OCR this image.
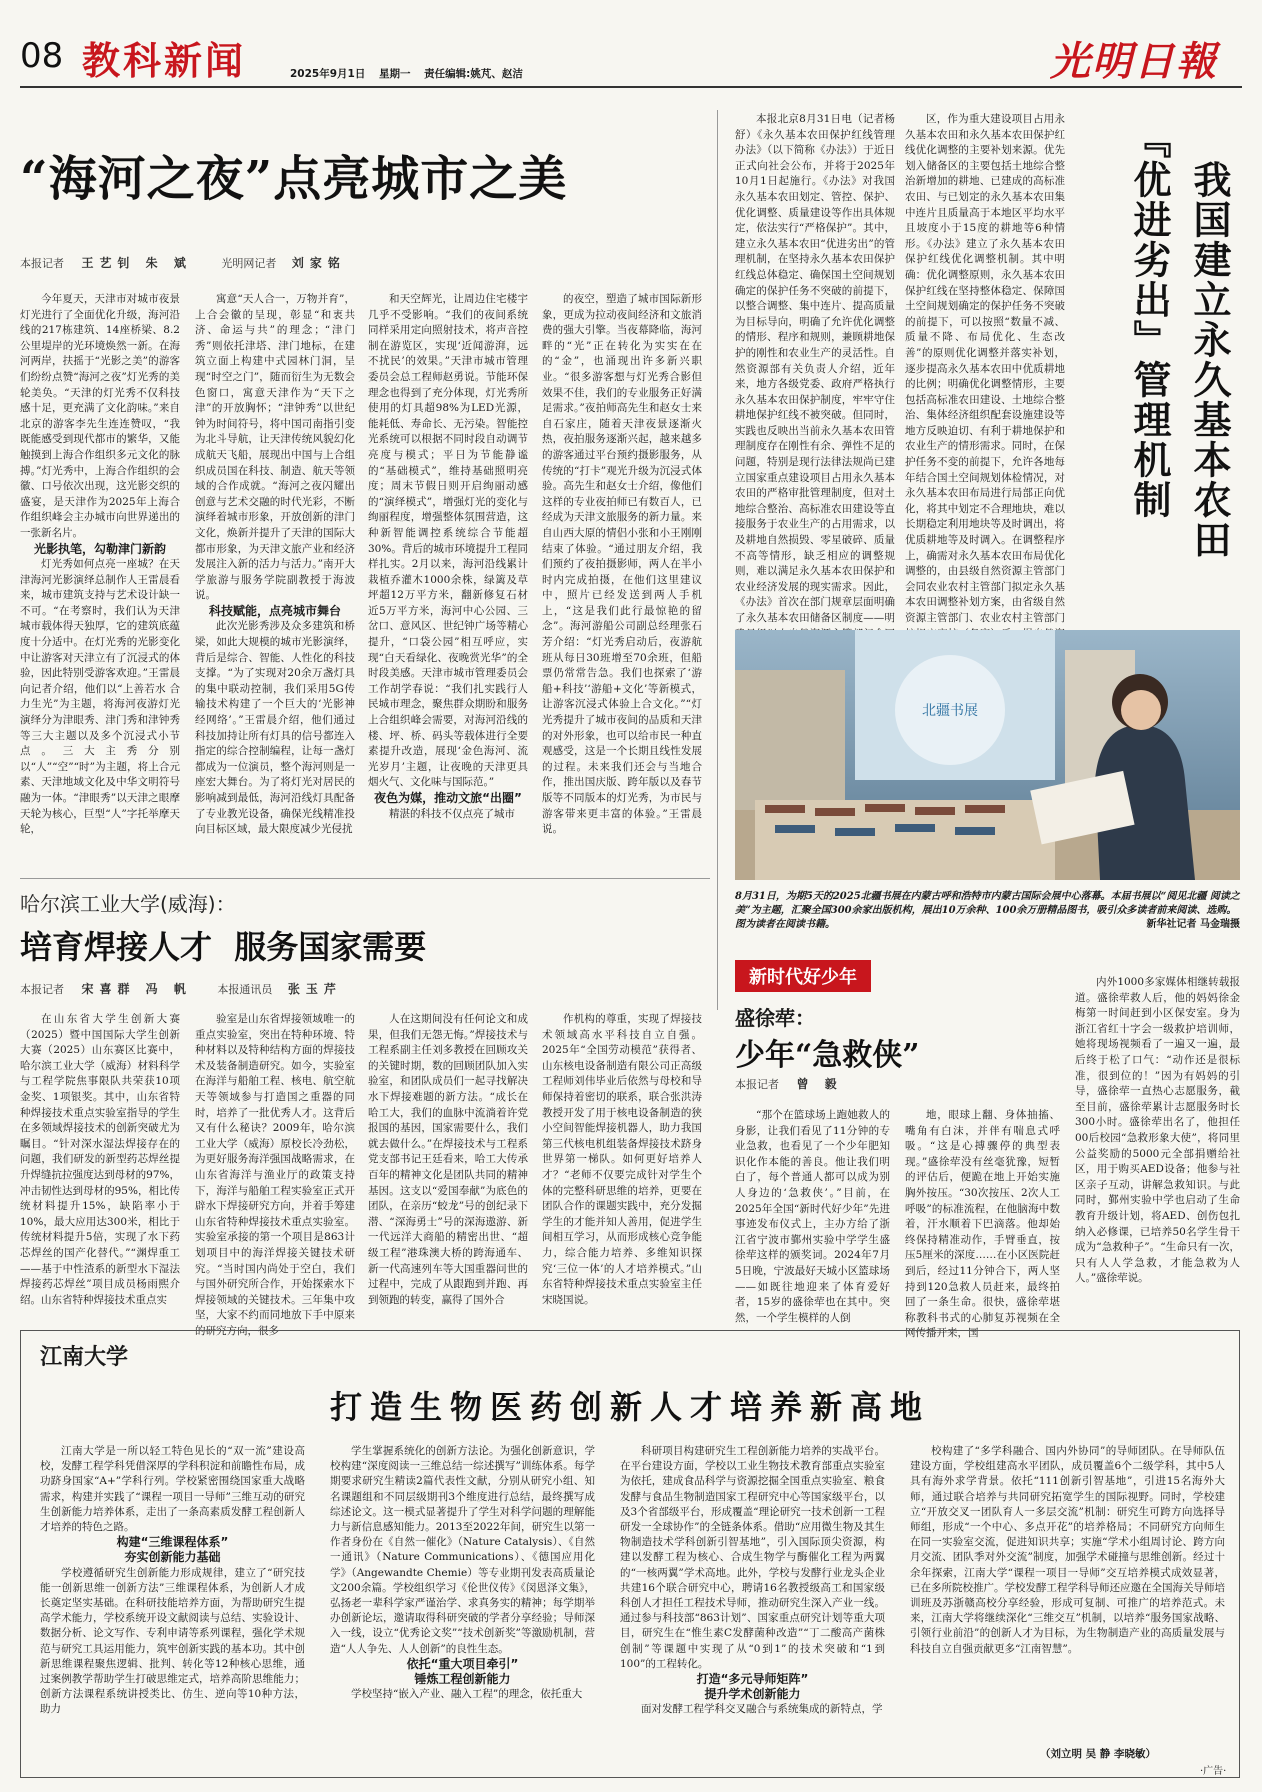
08 教科新闻	2025年9月1日 星期一 责任编辑:姚芃、赵洁	光明日報
“海河之夜”点亮城市之美
本报记者 王艺钊 朱 斌	光明网记者 刘家铭

今年夏天，天津市对城市夜景灯光进行了全面优化升级，海河沿线的217栋建筑、14座桥梁、8.2公里堤岸的光环境焕然一新。在海河两岸，扶摇于“光影之美”的游客们纷纷点赞“海河之夜”灯光秀的美轮美奂。“天津的灯光秀不仅科技感十足，更充满了文化韵味。”来自北京的游客李先生连连赞叹，“我既能感受到现代都市的繁华，又能触摸到上海合作组织多元文化的脉搏。”灯光秀中，上海合作组织的会徽、口号依次出现，这光影交织的盛宴，是天津作为2025年上海合作组织峰会主办城市向世界递出的一张新名片。

光影执笔，勾勒津门新韵

灯光秀如何点亮一座城？在天津海河光影演绎总制作人王雷晨看来，城市建筑支持与艺术设计缺一不可。“在考察时，我们认为天津城市载体得天独厚，它的建筑底蕴度十分适中。在灯光秀的光影变化中让游客对天津立有了沉浸式的体验，因此特别受游客欢迎。”王雷晨向记者介绍，他们以“上善若水 合力生光”为主题，将海河夜游灯光演绎分为津眼秀、津门秀和津钟秀等三大主题以及多个沉浸式小节点。三大主秀分别以“人”“空”“时”为主题，将上合元素、天津地域文化及中华文明符号融为一体。“津眼秀”以天津之眼摩天轮为核心，巨型“人”字托举摩天轮，

寓意“天人合一，万物并育”，上合会徽的呈现，彰显“和衷共济、命运与共”的理念；“津门秀”则依托津塔、津门地标，在建筑立面上构建中式园林门洞，呈现“时空之门”，随而衍生为无数会色窗口，寓意天津作为“天下之津”的开放胸怀；“津钟秀”以世纪钟为时间符号，将中国司南指引变为北斗导航，让天津传统风貌幻化成航天飞船，展现出中国与上合组织成员国在科技、制造、航天等领域的合作成就。“海河之夜闪耀出创意与艺术交融的时代光彩，不断演绎着城市形象，开放创新的津门文化，焕新并提升了天津的国际大都市形象，为天津文旅产业和经济发展注入新的活力与活力。”南开大学旅游与服务学院副教授于海波说。

科技赋能，点亮城市舞台

此次光影秀涉及众多建筑和桥梁，如此大规模的城市光影演绎，背后是综合、智能、人性化的科技支撑。“为了实现对20余万盏灯具的集中联动控制，我们采用5G传输技术构建了一个巨大的‘光影神经网络’。”王雷晨介绍，他们通过科技加持让所有灯具的信号都连入指定的综合控制编程，让每一盏灯都成为一位演员，整个海河则是一座宏大舞台。为了将灯光对居民的影响减到最低，海河沿线灯具配备了专业教光设备，确保光线精准投向目标区域，最大限度减少光侵扰

和天空辉光，让周边住宅楼宇几乎不受影响。“我们的夜间系统同样采用定向照射技术，将声音控制在游览区，实现‘近闻游湃，远不扰民’的效果。”天津市城市管理委员会总工程师赵勇说。节能环保理念也得到了充分体现，灯光秀所使用的灯具超98%为LED光源，能耗低、寿命长、无污染。智能控光系统可以根据不同时段自动调节亮度与模式；平日为节能静谧的“基础模式”，维持基础照明亮度；周末节假日则开启绚丽动感的“演绎模式”，增强灯光的变化与绚丽程度，增强整体氛围营造，这种新智能调控系统综合节能超30%。背后的城市环境提升工程同样扎实。2月以来，海河沿线累计栽植乔灌木1000余株，绿篱及草坪超12万平方米，翻新修复石材近5万平方米，海河中心公园、三岔口、意风区、世纪钟广场等精心提升，“口袋公园”相互呼应，实现“白天看绿化、夜晚赏光华”的全时段美感。天津市城市管理委员会工作胡学春说：“我们扎实践行人民城市理念，聚焦群众期盼和服务上合组织峰会需要，对海河沿线的楼、坪、桥、码头等载体进行全要素提升改造，展现‘金色海河、流光岁月’主题，让夜晚的天津更具烟火气、文化味与国际范。”

夜色为媒，推动文旅“出圈”

精湛的科技不仅点亮了城市

的夜空，塑造了城市国际新形象，更成为拉动夜间经济和文旅消费的强大引擎。当夜幕降临，海河畔的“光”正在转化为实实在在的“金”，也涌现出许多新兴职业。“很多游客想与灯光秀合影但效果不佳，我们的专业服务正好满足需求。”夜拍师高先生和赵女士来自石家庄，随着天津夜景逐渐火热，夜拍服务逐渐兴起，越来越多的游客通过平台预约摄影服务，从传统的“打卡”观光升级为沉浸式体验。高先生和赵女士介绍，像他们这样的专业夜拍师已有数百人，已经成为天津文旅服务的新力量。来自山西大原的情侣小张和小王刚刚结束了体验。“通过朋友介绍，我们预约了夜拍摄影师，两人在半小时内完成拍摄，在他们这里建议中，照片已经发送到两人手机上，“这是我们此行最惊艳的留念”。海河游船公司副总经理张石芳介绍：“灯光秀启动后，夜游航班从每日30班增至70余班，但船票仍常常告急。我们也探索了‘游船+科技’‘游船+文化’等新模式，让游客沉浸式体验上合文化。”“灯光秀提升了城市夜间的品质和天津的对外形象，也可以给市民一种直观感受，这是一个长期且线性发展的过程。未来我们还会与当地合作，推出国庆版、跨年版以及春节版等不同版本的灯光秀，为市民与游客带来更丰富的体验。”王雷晨说。

哈尔滨工业大学(威海)：
培育焊接人才  服务国家需要
本报记者 宋喜群 冯 帆 本报通讯员 张玉芹

在山东省大学生创新大赛（2025）暨中国国际大学生创新大赛（2025）山东赛区比赛中，哈尔滨工业大学（威海）材料科学与工程学院焦事限队共荣获10项金奖、1项银奖。其中，山东省特种焊接技术重点实验室指导的学生在多领域焊接技术的创新突破尤为瞩目。“针对深水湿法焊接存在的问题，我们研发的新型药芯焊丝提升焊缝抗拉强度达到母材的97%，冲击韧性达到母材的95%，相比传统材料提升15%，缺陷率小于10%，最大应用达300米，相比于传统材料提升5倍，实现了水下药芯焊丝的国产化替代。”“渊焊重工——基于中性渣系的新型水下湿法焊接药芯焊丝”项目成员杨雨熙介绍。山东省特种焊接技术重点实

验室是山东省焊接领域唯一的重点实验室，突出在特种环境、特种材料以及特种结构方面的焊接技术及装备制造研究。如今，实验室在海洋与船舶工程、核电、航空航天等领域参与打造国之重器的同时，培养了一批优秀人才。这背后又有什么秘诀？2009年，哈尔滨工业大学（威海）原校长冷劲松，为更好服务海洋强国战略需求，在山东省海洋与渔业厅的政策支持下，海洋与船舶工程实验室正式开辟水下焊接研究方向，并着手筹建山东省特种焊接技术重点实验室。实验室承接的第一个项目是863计划项目中的海洋焊接关键技术研究。“当时国内尚处于空白，我们与国外研究所合作，开始探索水下焊接领域的关键技术。三年集中攻坚，大家不约而同地放下手中原来的研究方向，很多

人在这期间没有任何论文和成果，但我们无怨无悔。”焊接技术与工程系副主任刘多教授在回顾攻关的关键时期，数的回顾团队加入实验室，和团队成员们一起寻找解决水下焊接难题的新方法。“成长在哈工大，我们的血脉中流淌着许党报国的基因，国家需要什么，我们就去做什么。”在焊接技术与工程系党支部书记王廷看来，哈工大传承百年的精神文化是团队共同的精神基因。这支以“爱国奉献”为底色的团队，在亲历“蛟龙”号的创纪录下潜、“深海勇士”号的深海遨游、新一代远洋大商船的精密出世、“超级工程”港珠澳大桥的跨海通车、新一代高速列车等大国重器问世的过程中，完成了从跟跑到并跑、再到领跑的转变，赢得了国外合

作机构的尊重，实现了焊接技术领域高水平科技自立自强。2025年“全国劳动模范”获得者、山东核电设备制造有限公司正高级工程师刘伟毕业后依然与母校和导师保持着密切的联系，联合张洪涛教授开发了用于核电设备制造的狭小空间智能焊接机器人，助力我国第三代核电机组装备焊接技术跻身世界第一梯队。如何更好培养人才？“老师不仅要完成针对学生个体的完整科研思维的培养，更要在团队合作的课题实践中，充分发掘学生的才能并知人善用，促进学生间相互学习，从而形成核心竞争能力，综合能力培养、多维知识探究‘三位一体’的人才培养模式。”山东省特种焊接技术重点实验室主任宋晓国说。

本报北京8月31日电（记者杨舒）《永久基本农田保护红线管理办法》（以下简称《办法》）于近日正式向社会公布，并将于2025年10月1日起施行。《办法》对我国永久基本农田划定、管控、保护、优化调整、质量建设等作出具体规定，依法实行“严格保护”。其中，建立永久基本农田“优进劣出”的管理机制，在坚持永久基本农田保护红线总体稳定、确保国土空间规划确定的保护任务不突破的前提下，以整合调整、集中连片、提高质量为目标导向，明确了允许优化调整的情形、程序和规则，兼顾耕地保护的刚性和农业生产的灵活性。自然资源部有关负责人介绍，近年来，地方各级党委、政府严格执行永久基本农田保护制度，牢牢守住耕地保护红线不被突破。但同时，实践也反映出当前永久基本农田管理制度存在刚性有余、弹性不足的问题，特别是现行法律法规尚已建立国家重点建设项目占用永久基本农田的严格审批管理制度，但对土地综合整治、高标准农田建设等直接服务于农业生产的占用需求，以及耕地自然损毁、零星破碎、质量不高等情形，缺乏相应的调整规则，难以满足永久基本农田保护和农业经济发展的现实需求。因此，《办法》首次在部门规章层面明确了永久基本农田储备区制度——明

区，作为重大建设项目占用永久基本农田和永久基本农田保护红线优化调整的主要补划来源。优先划入储备区的主要包括土地综合整治新增加的耕地、已建成的高标准农田、与已划定的永久基本农田集中连片且质量高于本地区平均水平且坡度小于15度的耕地等6种情形。《办法》建立了永久基本农田保护红线优化调整机制。其中明确：优化调整原则，永久基本农田保护红线在坚持整体稳定、保障国土空间规划确定的保护任务不突破的前提下，可以按照“数量不减、质量不降、布局优化、生态改善”的原则优化调整并落实补划，逐步提高永久基本农田中优质耕地的比例；明确优化调整情形，主要包括高标准农田建设、土地综合整治、集体经济组织配套设施建设等地方反映迫切、有利于耕地保护和农业生产的情形需求。同时，在保护任务不变的前提下，允许各地每年结合国土空间规划体检情况，对永久基本农田布局进行局部正向优化，将其中划定不合理地块，难以长期稳定利用地块等及时调出，将优质耕地等及时调入。在调整程序上，确需对永久基本农田布局优化调整的，由县级自然资源主管部门会同农业农村主管部门拟定永久基本农田调整补划方案，由省级自然资源主管部门、农业农村主管部门

我国建立永久基本农田
『优进劣出』管理机制
北疆书展
8月31日，为期5天的2025北疆书展在内蒙古呼和浩特市内蒙古国际会展中心落幕。本届书展以“阅见北疆 阅读之美”为主题，汇聚全国300余家出版机构，展出10万余种、100余万册精品图书，吸引众多读者前来阅读、选购。图为读者在阅读书籍。	新华社记者 马金瑞摄
新时代好少年
盛徐荦：
少年“急救侠”
本报记者 曾 毅

“那个在篮球场上跑她救人的身影，让我们看见了11分钟的专业急救，也看见了一个少年肥知识化作本能的善良。他让我们明白了，每个普通人都可以成为别人身边的‘急救侠’。”目前，在2025年全国“新时代好少年”先进事迹发布仪式上，主办方给了浙江省宁波市鄞州实验中学学生盛徐荦这样的颁奖词。2024年7月5日晚，宁波最好天城小区篮球场——如既往地迎来了体育爱好者，15岁的盛徐荦也在其中。突然，一个学生模样的人倒

地，眼球上翻、身体抽搐、嘴角有白沫，并伴有喘息式呼吸。“这是心搏骤停的典型表现。”盛徐荦没有丝毫犹豫，短暂的评估后，便跪在地上开始实施胸外按压。“30次按压、2次人工呼吸”的标准流程，在他脑海中数着，汗水顺着下巴滴落。他却始终保持精准动作，手臂垂直，按压5厘米的深度……在小区医院赶到后，经过11分钟合下，两人坚持到120急救人员赶来，最终拍回了一条生命。很快，盛徐荦堪称教科书式的心肺复苏视频在全网传播开来，国

内外1000多家媒体相继转载报道。盛徐荦救人后，他的妈妈徐金梅第一时间赶到小区保安室。身为浙江省红十字会一级救护培训师，她将现场视频看了一遍又一遍，最后终于松了口气：“动作还是很标准，很到位的！”因为有妈妈的引导，盛徐荦一直热心志愿服务，截至目前，盛徐荦累计志愿服务时长300小时。盛徐荦出名了，他担任00后校园“急救形象大使”，将同里公益奖励的5000元全部捐赠给社区，用于购买AED设备；他参与社区亲子互动，讲解急救知识。与此同时，鄞州实验中学也启动了生命教育升级计划，将AED、创伤包扎纳入必修课，已培养50名学生骨干成为“急救种子”。“生命只有一次，只有人人学急救，才能急救为人人。”盛徐荦说。

江南大学
打造生物医药创新人才培养新高地

江南大学是一所以轻工特色见长的“双一流”建设高校，发酵工程学科凭借深厚的学科积淀和前瞻性布局，成功跻身国家“A+”学科行列。学校紧密围绕国家重大战略需求，构建并实践了“课程一项目一导师”三维互动的研究生创新能力培养体系，走出了一条高素质发酵工程创新人才培养的特色之路。

构建“三维课程体系”

夯实创新能力基础

学校遵循研究生创新能力形成规律，建立了“研究技能一创新思维一创新方法”三维课程体系，为创新人才成长奠定坚实基础。在科研技能培养方面，为帮助研究生提高学术能力，学校系统开设文献阅读与总结、实验设计、数据分析、论文写作、专利申请等系列课程，强化学术规范与研究工具运用能力，筑牢创新实践的基本功。其中创新思维课程聚焦逻辑、批判、转化等12种核心思维，通过案例教学帮助学生打破思维定式，培养高阶思维能力；创新方法课程系统讲授类比、仿生、逆向等10种方法，助力

学生掌握系统化的创新方法论。为强化创新意识，学校构建“深度阅读一三维总结一综述撰写”训练体系。每学期要求研究生精读2篇代表性文献，分别从研究小组、知名课题组和不同层级期刊3个维度进行总结，最终撰写成综述论文。这一模式显著提升了学生对科学问题的理解能力与新信息感知能力。2013至2022年间，研究生以第一作者身份在《自然一催化》（Nature Catalysis）、《自然一通讯》（Nature Communications）、《德国应用化学》（Angewandte Chemie）等专业期刊发表高质量论文200余篇。学校组织学习《伦世仪传》《闵恩泽文集》，弘扬老一辈科学家严谨治学、求真务实的精神；每学期举办创新论坛，邀请取得科研突破的学者分享经验；导师深入一线，设立“优秀论文奖”“技术创新奖”等激励机制，营造“人人争先、人人创新”的良性生态。

依托“重大项目牵引”

锤炼工程创新能力

学校坚持“嵌入产业、融入工程”的理念，依托重大

科研项目构建研究生工程创新能力培养的实战平台。在平台建设方面，学校以工业生物技术教育部重点实验室为依托，建成食品科学与资源挖掘全国重点实验室、粮食发酵与食品生物制造国家工程研究中心等国家级平台，以及3个省部级平台，形成覆盖“理论研究一技术创新一工程研发一全球协作”的全链条体系。借助“应用微生物及其生物制造技术学科创新引智基地”，引入国际顶尖资源，构建以发酵工程为核心、合成生物学与酶催化工程为两翼的“一核两翼”学术高地。此外，学校与发酵行业龙头企业共建16个联合研究中心，聘请16名教授级高工和国家级科创人才担任工程技术导师，推动研究生深入产业一线。通过参与科技部“863计划”、国家重点研究计划等重大项目，研究生在“惟生素C发酵菌种改造”“丁二酸高产菌株创制”等课题中实现了从“0到1”的技术突破和“1到100”的工程转化。

打造“多元导师矩阵”

提升学术创新能力

面对发酵工程学科交叉融合与系统集成的新特点，学

校构建了“多学科融合、国内外协同”的导师团队。在导师队伍建设方面，学校组建高水平团队，成员覆盖6个二级学科，其中5人具有海外求学背景。依托“111创新引智基地”，引进15名海外大师，通过联合培养与共同研究拓宽学生的国际视野。同时，学校建立“开放交叉一团队育人一多层交流”机制：研究生可跨方向选择导师组，形成“一个中心、多点开花”的培养格局；不同研究方向师生在同一实验室交流，促进知识共享；实施“学术小组周讨论、跨方向月交流、团队季对外交流”制度，加强学术碰撞与思维创新。经过十余年探索，江南大学“课程一项目一导师”交互培养模式成效显著，已在多所院校推广。学校发酵工程学科导师还应邀在全国海关导师培训班及苏浙赣高校分享经验，形成可复制、可推广的培养范式。未来，江南大学将继续深化“三维交互”机制，以培养“服务国家战略、引领行业前沿”的创新人才为目标，为生物制造产业的高质量发展与科技自立自强贡献更多“江南智慧”。

（刘立明 吴 静 李晓敏）
·广告·
